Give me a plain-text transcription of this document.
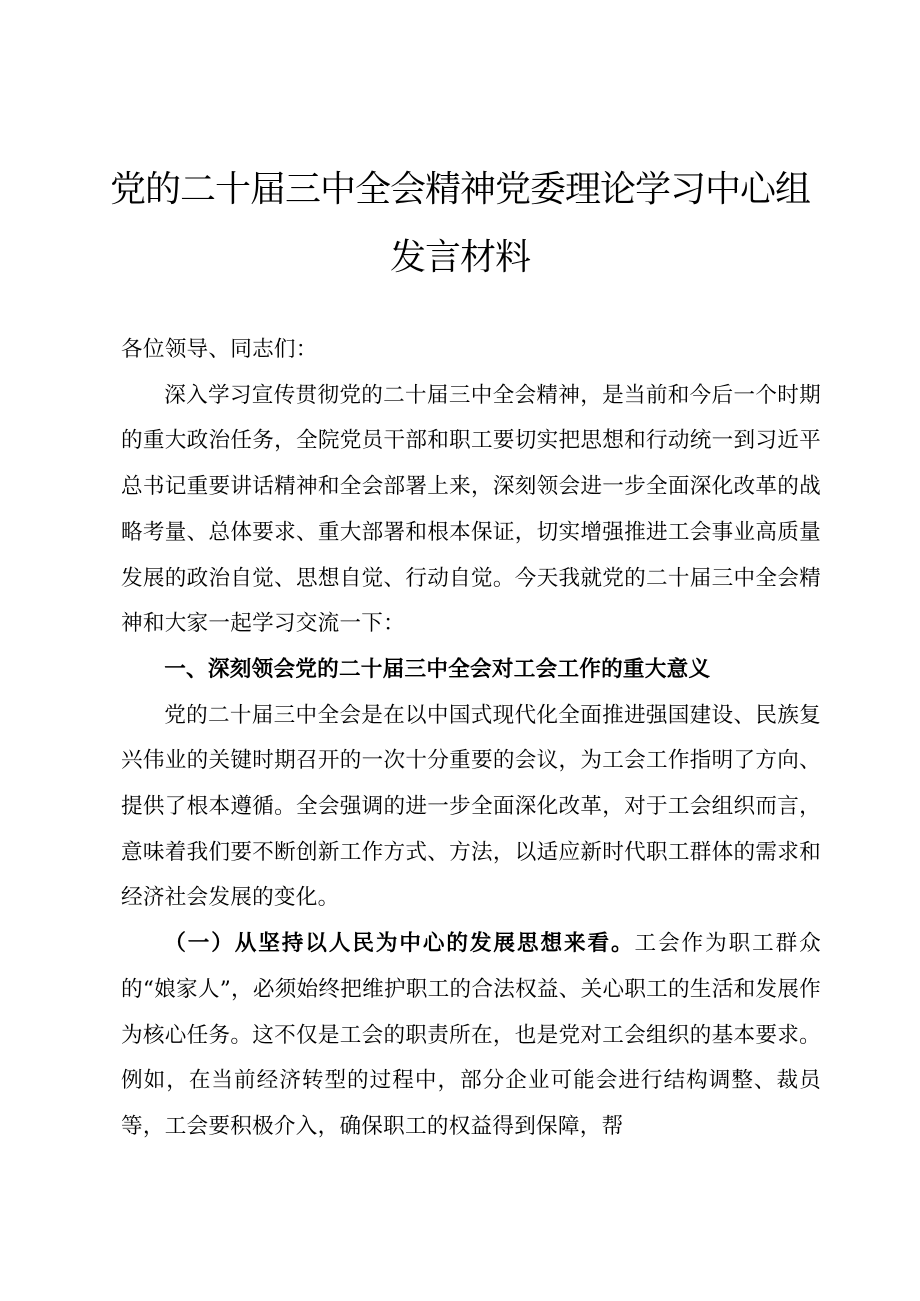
党的二十届三中全会精神党委理论学习中心组
发言材料

各位领导、同志们：

深入学习宣传贯彻党的二十届三中全会精神，是当前和今后一个时期的重大政治任务，全院党员干部和职工要切实把思想和行动统一到习近平总书记重要讲话精神和全会部署上来，深刻领会进一步全面深化改革的战略考量、总体要求、重大部署和根本保证，切实增强推进工会事业高质量发展的政治自觉、思想自觉、行动自觉。今天我就党的二十届三中全会精神和大家一起学习交流一下：

一、深刻领会党的二十届三中全会对工会工作的重大意义

党的二十届三中全会是在以中国式现代化全面推进强国建设、民族复兴伟业的关键时期召开的一次十分重要的会议，为工会工作指明了方向、提供了根本遵循。全会强调的进一步全面深化改革，对于工会组织而言，意味着我们要不断创新工作方式、方法，以适应新时代职工群体的需求和经济社会发展的变化。

（一）从坚持以人民为中心的发展思想来看。工会作为职工群众的“娘家人”，必须始终把维护职工的合法权益、关心职工的生活和发展作为核心任务。这不仅是工会的职责所在，也是党对工会组织的基本要求。例如，在当前经济转型的过程中，部分企业可能会进行结构调整、裁员等，工会要积极介入，确保职工的权益得到保障，帮
